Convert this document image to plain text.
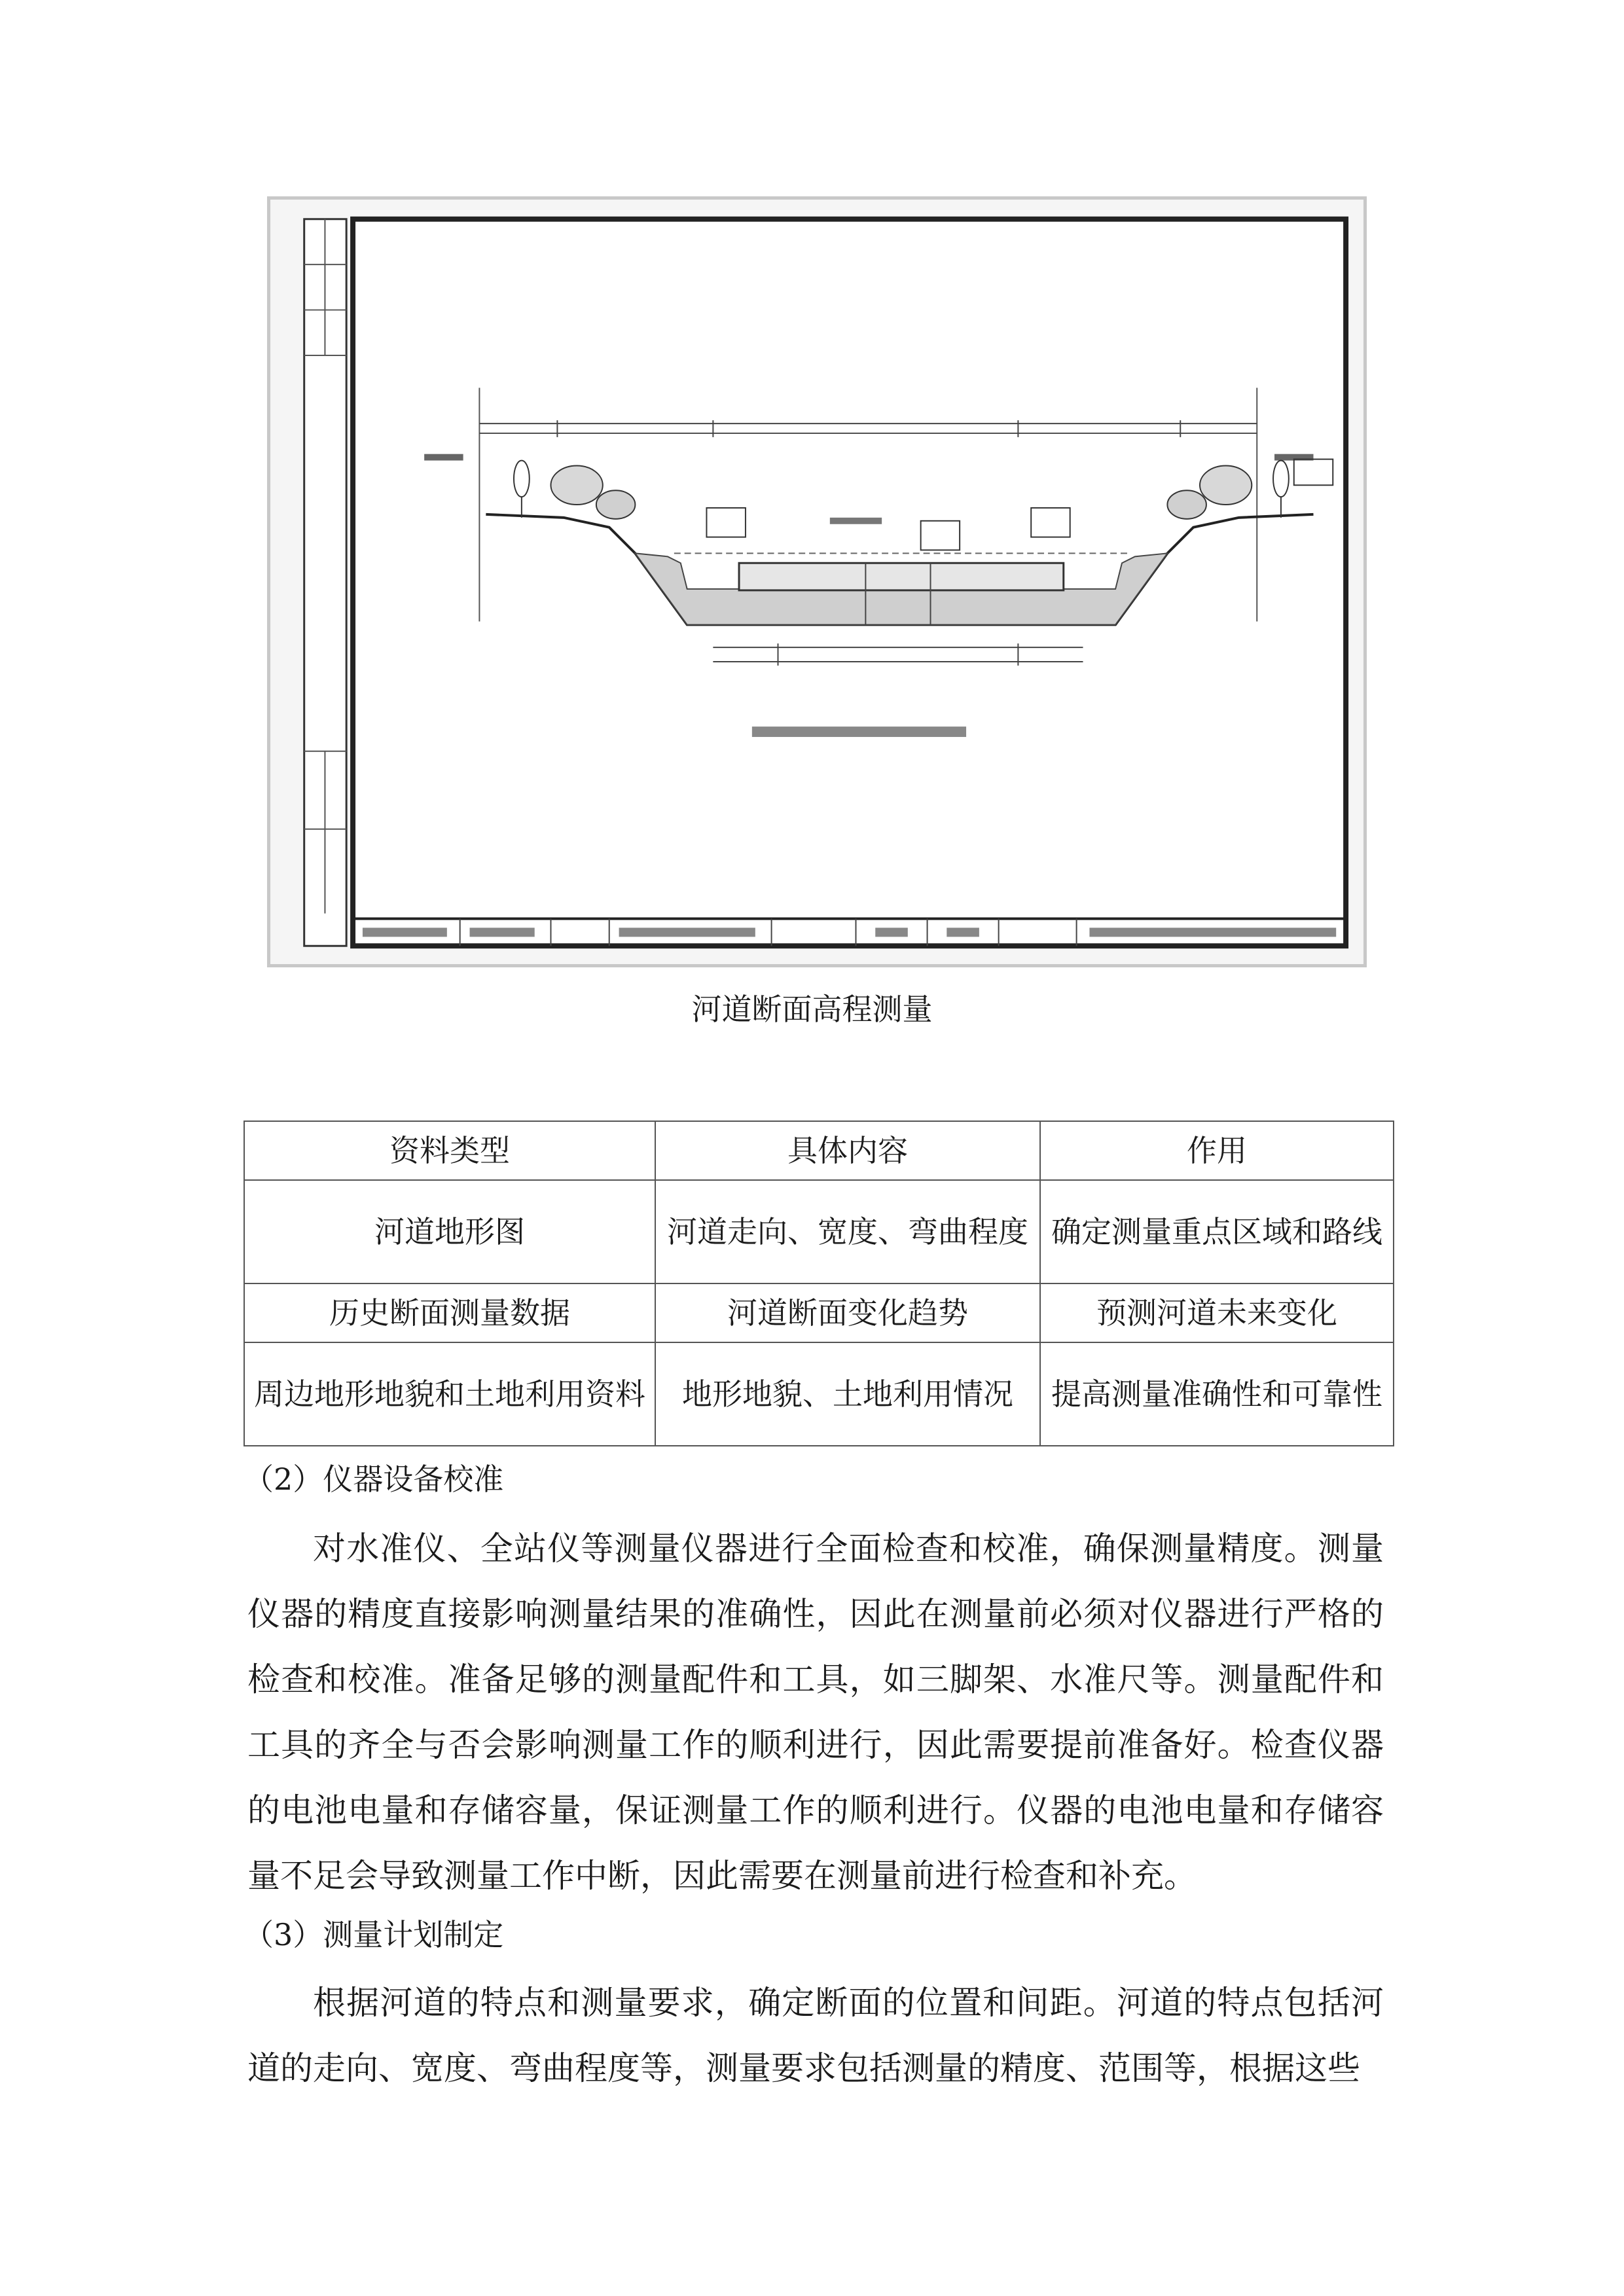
河道断面高程测量
资料类型	具体内容	作用
河道地形图	河道走向、宽度、弯曲程度	确定测量重点区域和路线
历史断面测量数据	河道断面变化趋势	预测河道未来变化
周边地形地貌和土地利用资料	地形地貌、土地利用情况	提高测量准确性和可靠性
（2）仪器设备校准

对水准仪、全站仪等测量仪器进行全面检查和校准，确保测量精度。测量仪器的精度直接影响测量结果的准确性，因此在测量前必须对仪器进行严格的检查和校准。准备足够的测量配件和工具，如三脚架、水准尺等。测量配件和工具的齐全与否会影响测量工作的顺利进行，因此需要提前准备好。检查仪器的电池电量和存储容量，保证测量工作的顺利进行。仪器的电池电量和存储容量不足会导致测量工作中断，因此需要在测量前进行检查和补充。

（3）测量计划制定

根据河道的特点和测量要求，确定断面的位置和间距。河道的特点包括河道的走向、宽度、弯曲程度等，测量要求包括测量的精度、范围等，根据这些
